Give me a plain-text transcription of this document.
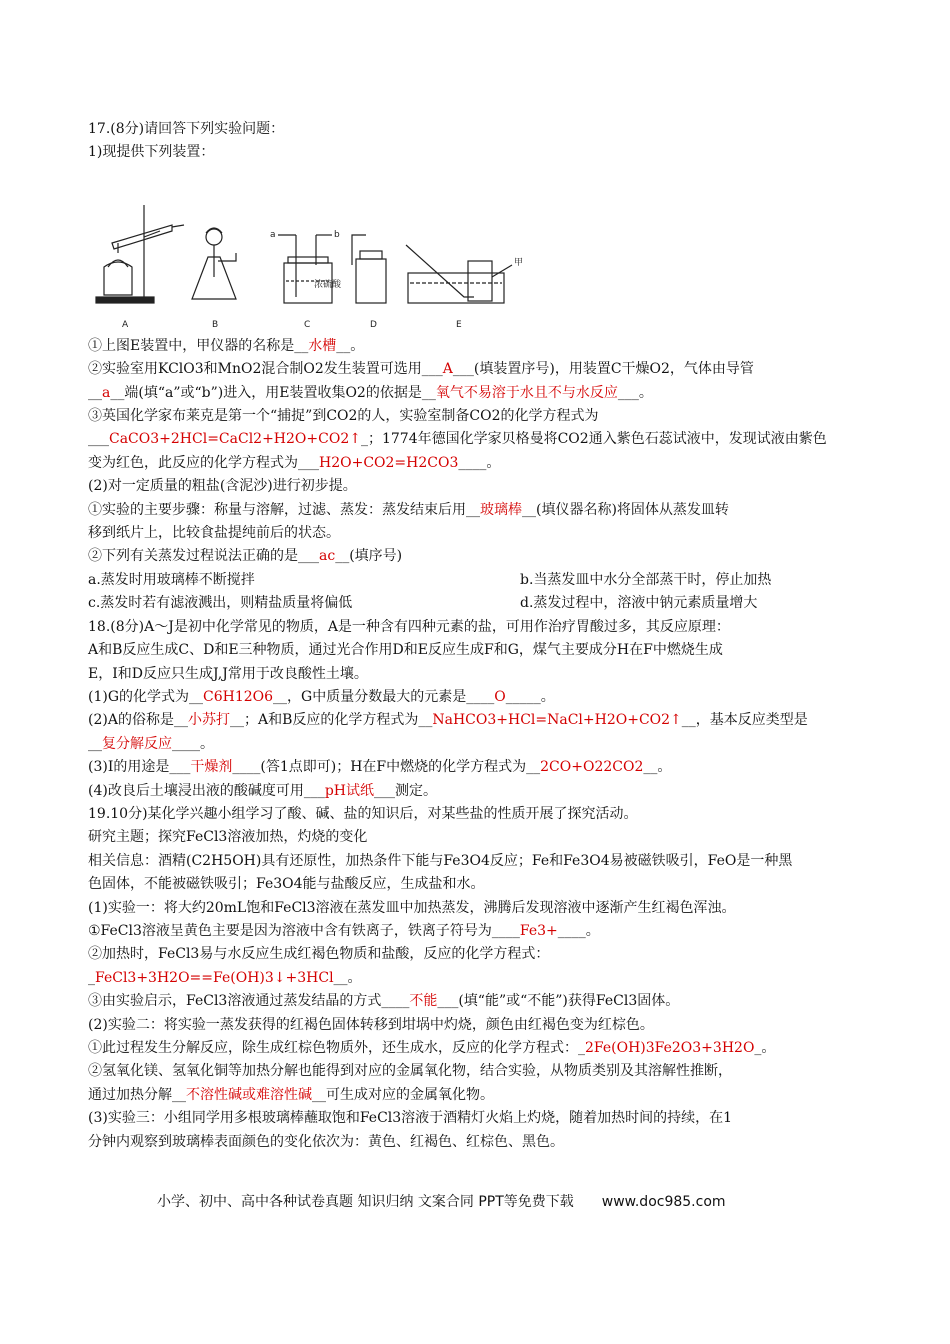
17.(8分)请回答下列实验问题：
1)现提供下列装置：
A	B	C	D	E
a	b
浓硫酸
甲
①上图E装置中，甲仪器的名称是__水槽__。
②实验室用KClO3和MnO2混合制O2发生装置可选用___A___(填装置序号)，用装置C干燥O2，气体由导管
__a__端(填“a”或“b”)进入，用E装置收集O2的依据是__氧气不易溶于水且不与水反应___。
③英国化学家布莱克是第一个“捕捉”到CO2的人，实验室制备CO2的化学方程式为
___CaCO3+2HCl=CaCl2+H2O+CO2↑_；1774年德国化学家贝格曼将CO2通入紫色石蕊试液中，发现试液由紫色
变为红色，此反应的化学方程式为___H2O+CO2=H2CO3____。
(2)对一定质量的粗盐(含泥沙)进行初步提。
①实验的主要步骤：称量与溶解，过滤、蒸发：蒸发结束后用__玻璃棒__(填仪器名称)将固体从蒸发皿转
移到纸片上，比较食盐提纯前后的状态。
②下列有关蒸发过程说法正确的是___ac__(填序号)
a.蒸发时用玻璃棒不断搅拌	b.当蒸发皿中水分全部蒸干时，停止加热
c.蒸发时若有滤液溅出，则精盐质量将偏低	d.蒸发过程中，溶液中钠元素质量增大
18.(8分)A～J是初中化学常见的物质，A是一种含有四种元素的盐，可用作治疗胃酸过多，其反应原理：
A和B反应生成C、D和E三种物质，通过光合作用D和E反应生成F和G，煤气主要成分H在F中燃烧生成
E，I和D反应只生成J,J常用于改良酸性土壤。
(1)G的化学式为__C6H12O6__，G中质量分数最大的元素是____O_____。
(2)A的俗称是__小苏打__；A和B反应的化学方程式为__NaHCO3+HCl=NaCl+H2O+CO2↑__，基本反应类型是
__复分解反应____。
(3)I的用途是___干燥剂____(答1点即可)；H在F中燃烧的化学方程式为__2CO+O22CO2__。
(4)改良后土壤浸出液的酸碱度可用___pH试纸___测定。
19.10分)某化学兴趣小组学习了酸、碱、盐的知识后，对某些盐的性质开展了探究活动。
研究主题；探究FeCl3溶液加热，灼烧的变化
相关信息：酒精(C2H5OH)具有还原性，加热条件下能与Fe3O4反应；Fe和Fe3O4易被磁铁吸引，FeO是一种黑
色固体，不能被磁铁吸引；Fe3O4能与盐酸反应，生成盐和水。
(1)实验一：将大约20mL饱和FeCl3溶液在蒸发皿中加热蒸发，沸腾后发现溶液中逐渐产生红褐色浑浊。
①FeCl3溶液呈黄色主要是因为溶液中含有铁离子，铁离子符号为____Fe3+____。
②加热时，FeCl3易与水反应生成红褐色物质和盐酸，反应的化学方程式：
_FeCl3+3H2O==Fe(OH)3↓+3HCl__。
③由实验启示，FeCl3溶液通过蒸发结晶的方式____不能___(填“能”或“不能”)获得FeCl3固体。
(2)实验二：将实验一蒸发获得的红褐色固体转移到坩埚中灼烧，颜色由红褐色变为红棕色。
①此过程发生分解反应，除生成红棕色物质外，还生成水，反应的化学方程式：_2Fe(OH)3Fe2O3+3H2O_。
②氢氧化镁、氢氧化铜等加热分解也能得到对应的金属氧化物，结合实验，从物质类别及其溶解性推断，
通过加热分解__不溶性碱或难溶性碱__可生成对应的金属氧化物。
(3)实验三：小组同学用多根玻璃棒蘸取饱和FeCl3溶液于酒精灯火焰上灼烧，随着加热时间的持续，在1
分钟内观察到玻璃棒表面颜色的变化依次为：黄色、红褐色、红棕色、黑色。
小学、初中、高中各种试卷真题 知识归纳 文案合同 PPT等免费下载　　www.doc985.com
